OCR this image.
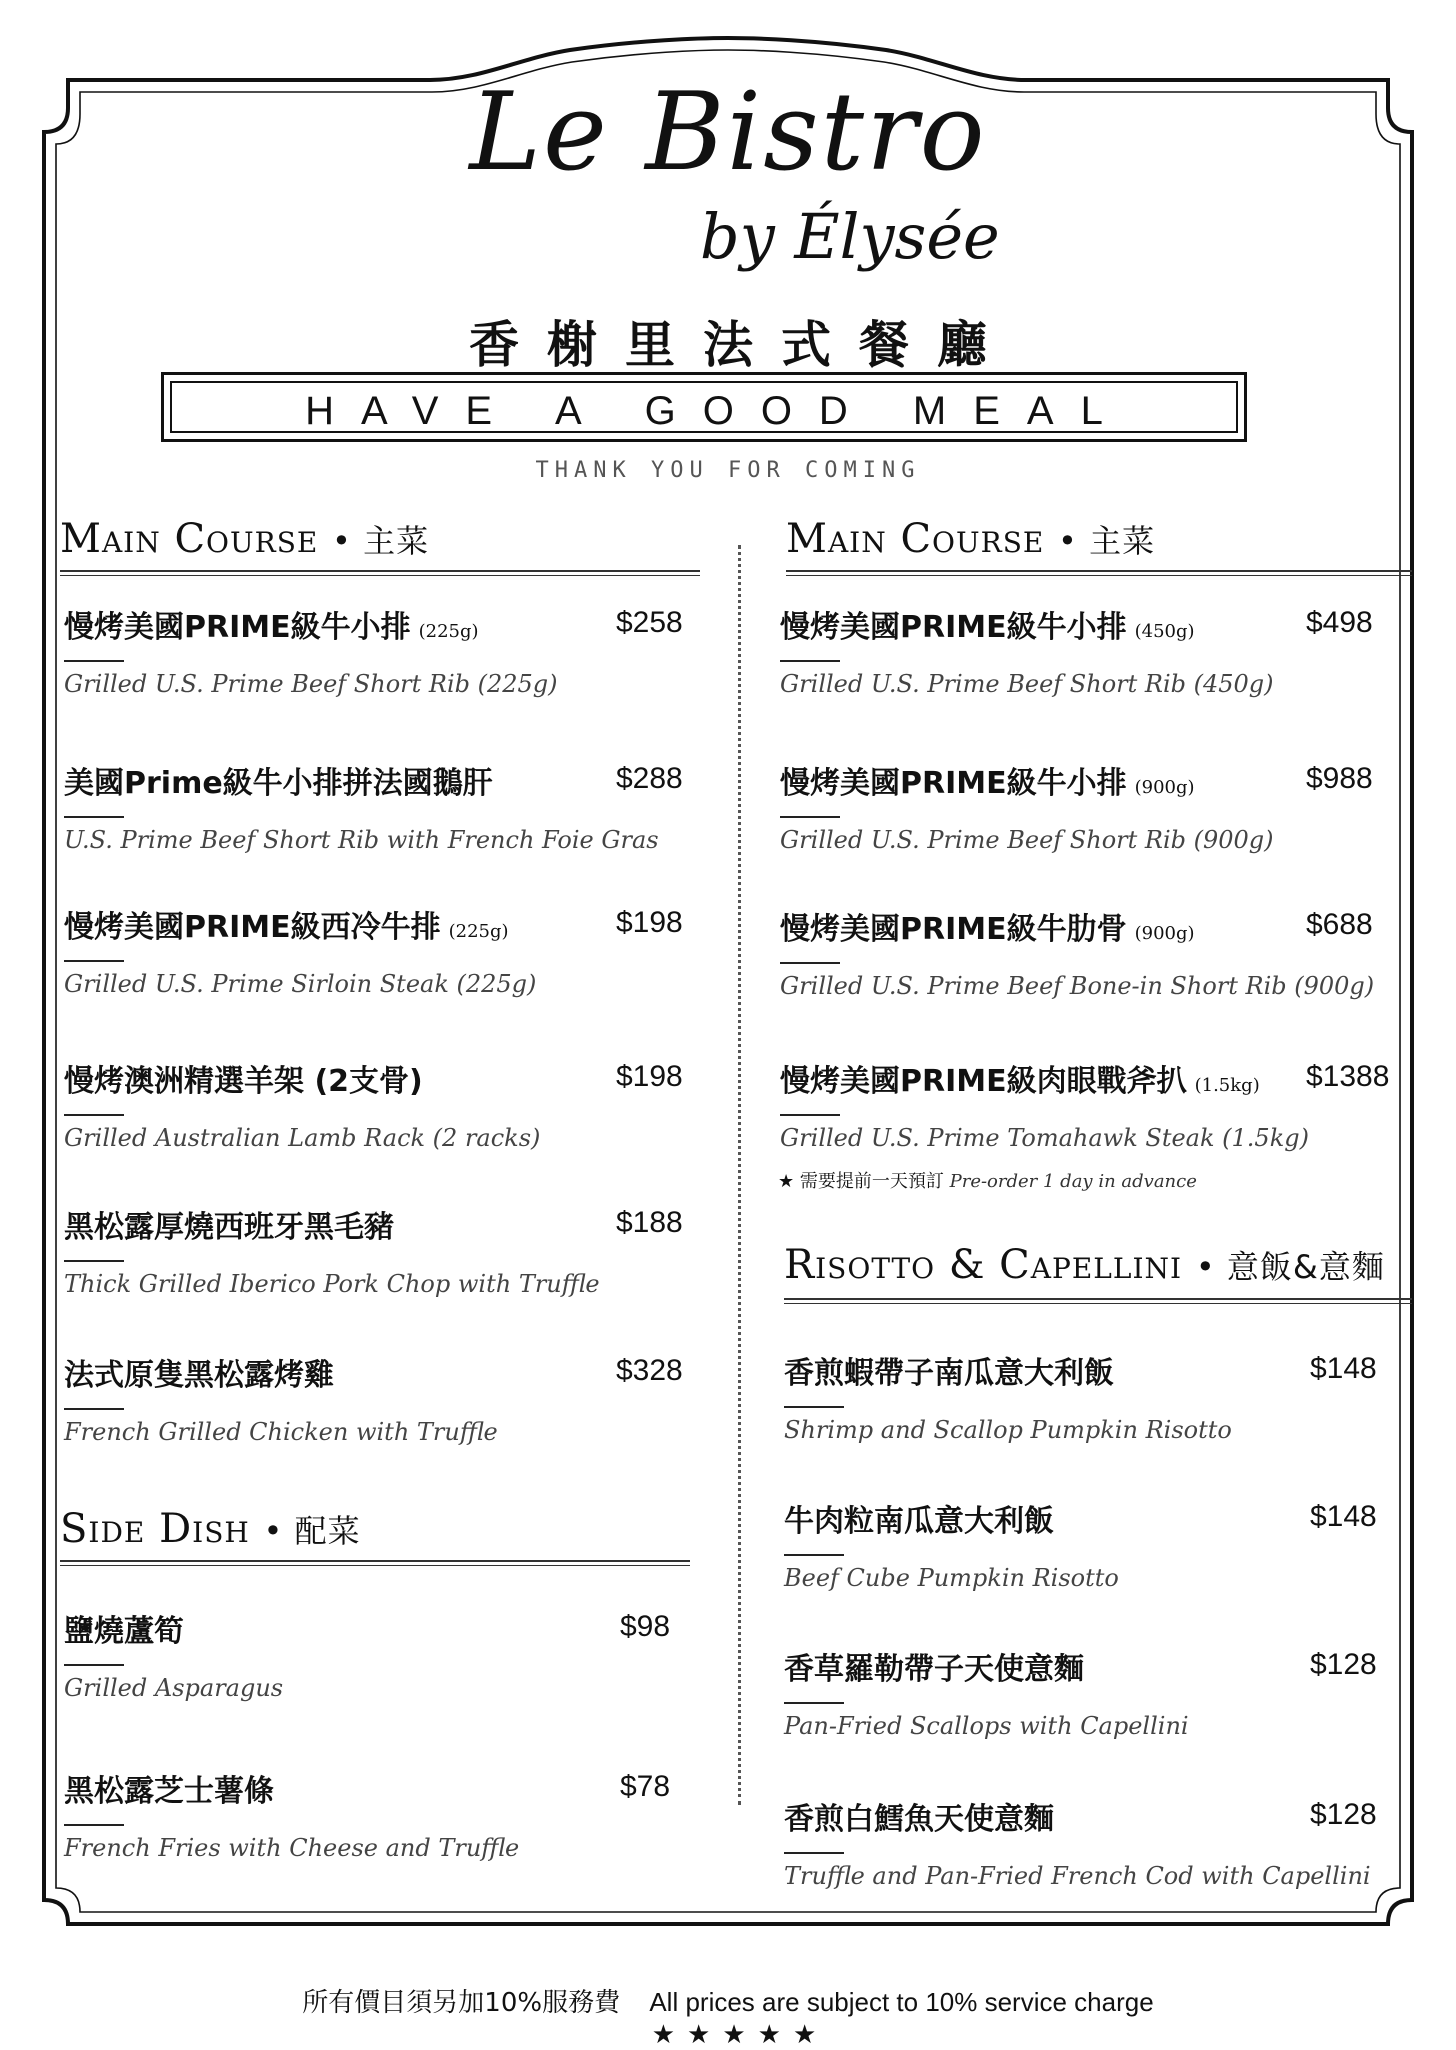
Le Bistro
by Élysée
香榭里法式餐廳
HAVE A GOOD MEAL
THANK YOU FOR COMING
Main Course • 主菜
慢烤美國PRIME級牛小排 (225g)	$258
Grilled U.S. Prime Beef Short Rib (225g)
美國Prime級牛小排拼法國鵝肝	$288
U.S. Prime Beef Short Rib with French Foie Gras
慢烤美國PRIME級西冷牛排 (225g)	$198
Grilled U.S. Prime Sirloin Steak (225g)
慢烤澳洲精選羊架 (2支骨)	$198
Grilled Australian Lamb Rack (2 racks)
黑松露厚燒西班牙黑毛豬	$188
Thick Grilled Iberico Pork Chop with Truffle
法式原隻黑松露烤雞	$328
French Grilled Chicken with Truffle
Side Dish • 配菜
鹽燒蘆筍	$98
Grilled Asparagus
黑松露芝士薯條	$78
French Fries with Cheese and Truffle
Main Course • 主菜
慢烤美國PRIME級牛小排 (450g)	$498
Grilled U.S. Prime Beef Short Rib (450g)
慢烤美國PRIME級牛小排 (900g)	$988
Grilled U.S. Prime Beef Short Rib (900g)
慢烤美國PRIME級牛肋骨 (900g)	$688
Grilled U.S. Prime Beef Bone-in Short Rib (900g)
慢烤美國PRIME級肉眼戰斧扒 (1.5kg) $1388
Grilled U.S. Prime Tomahawk Steak (1.5kg)
★ 需要提前一天預訂 Pre-order 1 day in advance
Risotto & Capellini • 意飯&意麵
香煎蝦帶子南瓜意大利飯	$148
Shrimp and Scallop Pumpkin Risotto
牛肉粒南瓜意大利飯	$148
Beef Cube Pumpkin Risotto
香草羅勒帶子天使意麵	$128
Pan-Fried Scallops with Capellini
香煎白鱈魚天使意麵	$128
Truffle and Pan-Fried French Cod with Capellini
所有價目須另加10%服務費 All prices are subject to 10% service charge
★★★★★
